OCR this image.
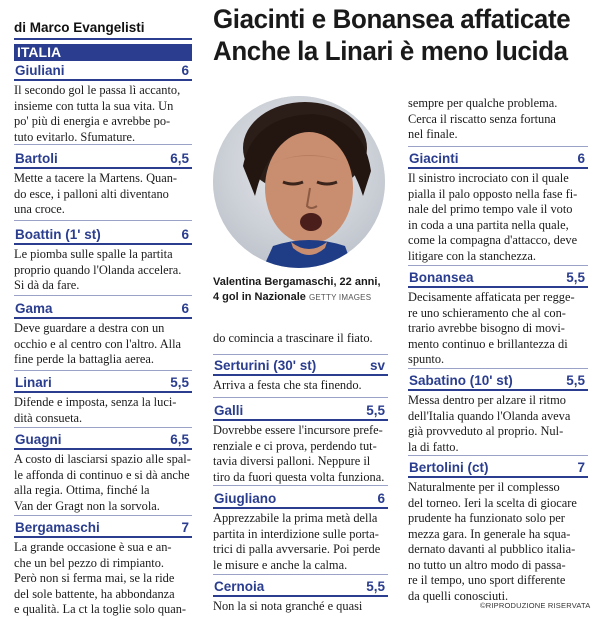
di Marco Evangelisti
ITALIA
Giacinti e Bonansea affaticate
Anche la Linari è meno lucida
Valentina Bergamaschi, 22 anni,
4 gol in Nazionale GETTY IMAGES
Giuliani	6
Il secondo gol le passa lì accanto,
insieme con tutta la sua vita. Un
po' più di energia e avrebbe po-
tuto evitarlo. Sfumature.
Bartoli	6,5
Mette a tacere la Martens. Quan-
do esce, i palloni alti diventano
una croce.
Boattin (1' st)	6
Le piomba sulle spalle la partita
proprio quando l'Olanda accelera.
Si dà da fare.
Gama	6
Deve guardare a destra con un
occhio e al centro con l'altro. Alla
fine perde la battaglia aerea.
Linari	5,5
Difende e imposta, senza la luci-
dità consueta.
Guagni	6,5
A costo di lasciarsi spazio alle spal-
le affonda di continuo e si dà anche
alla regia. Ottima, finché la
Van der Gragt non la sorvola.
Bergamaschi	7
La grande occasione è sua e an-
che un bel pezzo di rimpianto.
Però non si ferma mai, se la ride
del sole battente, ha abbondanza
e qualità. La ct la toglie solo quan-
do comincia a trascinare il fiato.
Serturini (30' st)	sv
Arriva a festa che sta finendo.
Galli	5,5
Dovrebbe essere l'incursore prefe-
renziale e ci prova, perdendo tut-
tavia diversi palloni. Neppure il
tiro da fuori questa volta funziona.
Giugliano	6
Apprezzabile la prima metà della
partita in interdizione sulle porta-
trici di palla avversarie. Poi perde
le misure e anche la calma.
Cernoia	5,5
Non la si nota granché e quasi
sempre per qualche problema.
Cerca il riscatto senza fortuna
nel finale.
Giacinti	6
Il sinistro incrociato con il quale
pialla il palo opposto nella fase fi-
nale del primo tempo vale il voto
in coda a una partita nella quale,
come la compagna d'attacco, deve
litigare con la stanchezza.
Bonansea	5,5
Decisamente affaticata per regge-
re uno schieramento che al con-
trario avrebbe bisogno di movi-
mento continuo e brillantezza di
spunto.
Sabatino (10' st)	5,5
Messa dentro per alzare il ritmo
dell'Italia quando l'Olanda aveva
già provveduto al proprio. Nul-
la di fatto.
Bertolini (ct)	7
Naturalmente per il complesso
del torneo. Ieri la scelta di giocare
prudente ha funzionato solo per
mezza gara. In generale ha squa-
dernato davanti al pubblico italia-
no tutto un altro modo di passa-
re il tempo, uno sport differente
da quelli conosciuti.
©RIPRODUZIONE RISERVATA
